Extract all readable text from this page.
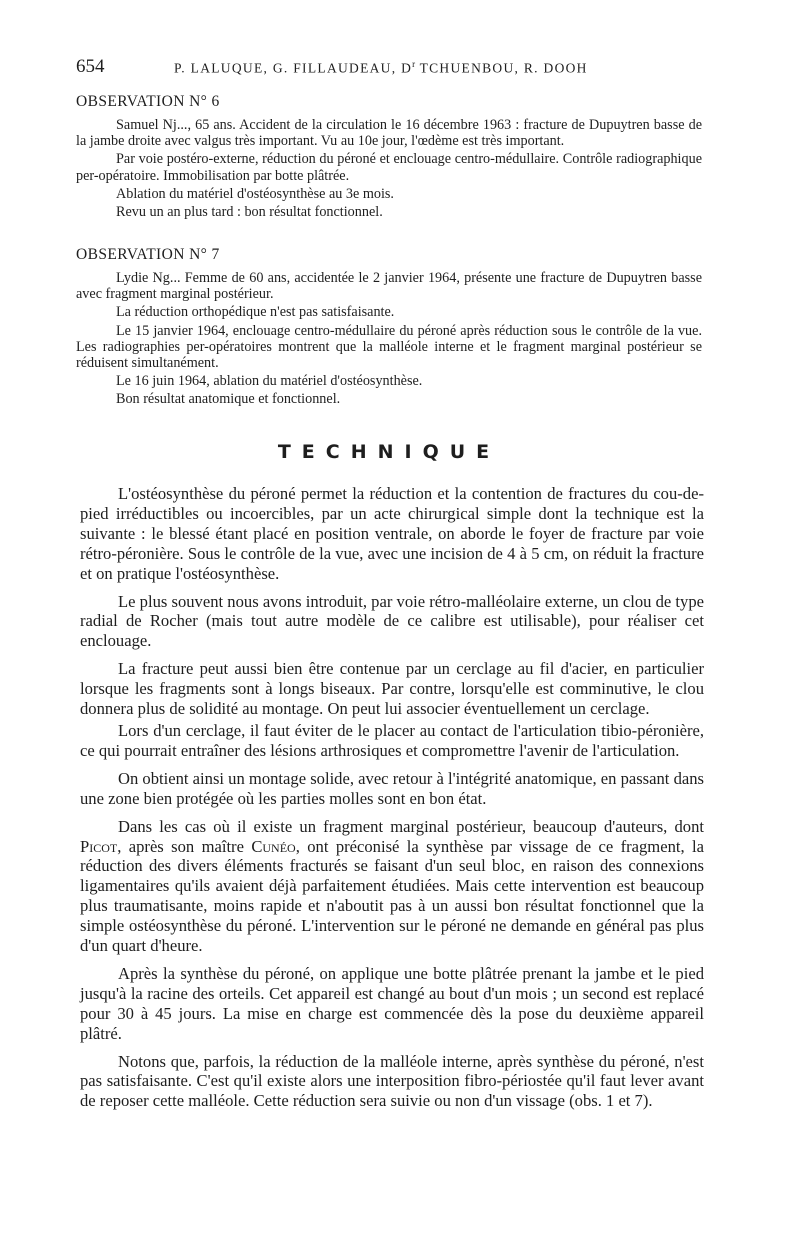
654	P. LALUQUE, G. FILLAUDEAU, $D^r$ TCHUENBOU, R. DOOH
OBSERVATION N° 6

Samuel Nj..., 65 ans. Accident de la circulation le 16 décembre 1963 : fracture de Dupuytren basse de la jambe droite avec valgus très important. Vu au 10e jour, l'œdème est très important.

Par voie postéro-externe, réduction du péroné et enclouage centro-médullaire. Contrôle radiographique per-opératoire. Immobilisation par botte plâtrée.

Ablation du matériel d'ostéosynthèse au 3e mois.

Revu un an plus tard : bon résultat fonctionnel.

OBSERVATION N° 7

Lydie Ng... Femme de 60 ans, accidentée le 2 janvier 1964, présente une fracture de Dupuytren basse avec fragment marginal postérieur.

La réduction orthopédique n'est pas satisfaisante.

Le 15 janvier 1964, enclouage centro-médullaire du péroné après réduction sous le contrôle de la vue. Les radiographies per-opératoires montrent que la malléole interne et le fragment marginal postérieur se réduisent simultanément.

Le 16 juin 1964, ablation du matériel d'ostéosynthèse.

Bon résultat anatomique et fonctionnel.

TECHNIQUE

L'ostéosynthèse du péroné permet la réduction et la contention de fractures du cou-de-pied irréductibles ou incoercibles, par un acte chirurgical simple dont la technique est la suivante : le blessé étant placé en position ventrale, on aborde le foyer de fracture par voie rétro-péronière. Sous le contrôle de la vue, avec une incision de 4 à 5 cm, on réduit la fracture et on pratique l'ostéosynthèse.

Le plus souvent nous avons introduit, par voie rétro-malléolaire externe, un clou de type radial de Rocher (mais tout autre modèle de ce calibre est utilisable), pour réaliser cet enclouage.

La fracture peut aussi bien être contenue par un cerclage au fil d'acier, en particulier lorsque les fragments sont à longs biseaux. Par contre, lorsqu'elle est comminutive, le clou donnera plus de solidité au montage. On peut lui associer éventuellement un cerclage.

Lors d'un cerclage, il faut éviter de le placer au contact de l'articulation tibio-péronière, ce qui pourrait entraîner des lésions arthrosiques et compromettre l'avenir de l'articulation.

On obtient ainsi un montage solide, avec retour à l'intégrité anatomique, en passant dans une zone bien protégée où les parties molles sont en bon état.

Dans les cas où il existe un fragment marginal postérieur, beaucoup d'auteurs, dont Picot, après son maître Cunéo, ont préconisé la synthèse par vissage de ce fragment, la réduction des divers éléments fracturés se faisant d'un seul bloc, en raison des connexions ligamentaires qu'ils avaient déjà parfaitement étudiées. Mais cette intervention est beaucoup plus traumatisante, moins rapide et n'aboutit pas à un aussi bon résultat fonctionnel que la simple ostéosynthèse du péroné. L'intervention sur le péroné ne demande en général pas plus d'un quart d'heure.

Après la synthèse du péroné, on applique une botte plâtrée prenant la jambe et le pied jusqu'à la racine des orteils. Cet appareil est changé au bout d'un mois ; un second est replacé pour 30 à 45 jours. La mise en charge est commencée dès la pose du deuxième appareil plâtré.

Notons que, parfois, la réduction de la malléole interne, après synthèse du péroné, n'est pas satisfaisante. C'est qu'il existe alors une interposition fibro-périostée qu'il faut lever avant de reposer cette malléole. Cette réduction sera suivie ou non d'un vissage (obs. 1 et 7).
